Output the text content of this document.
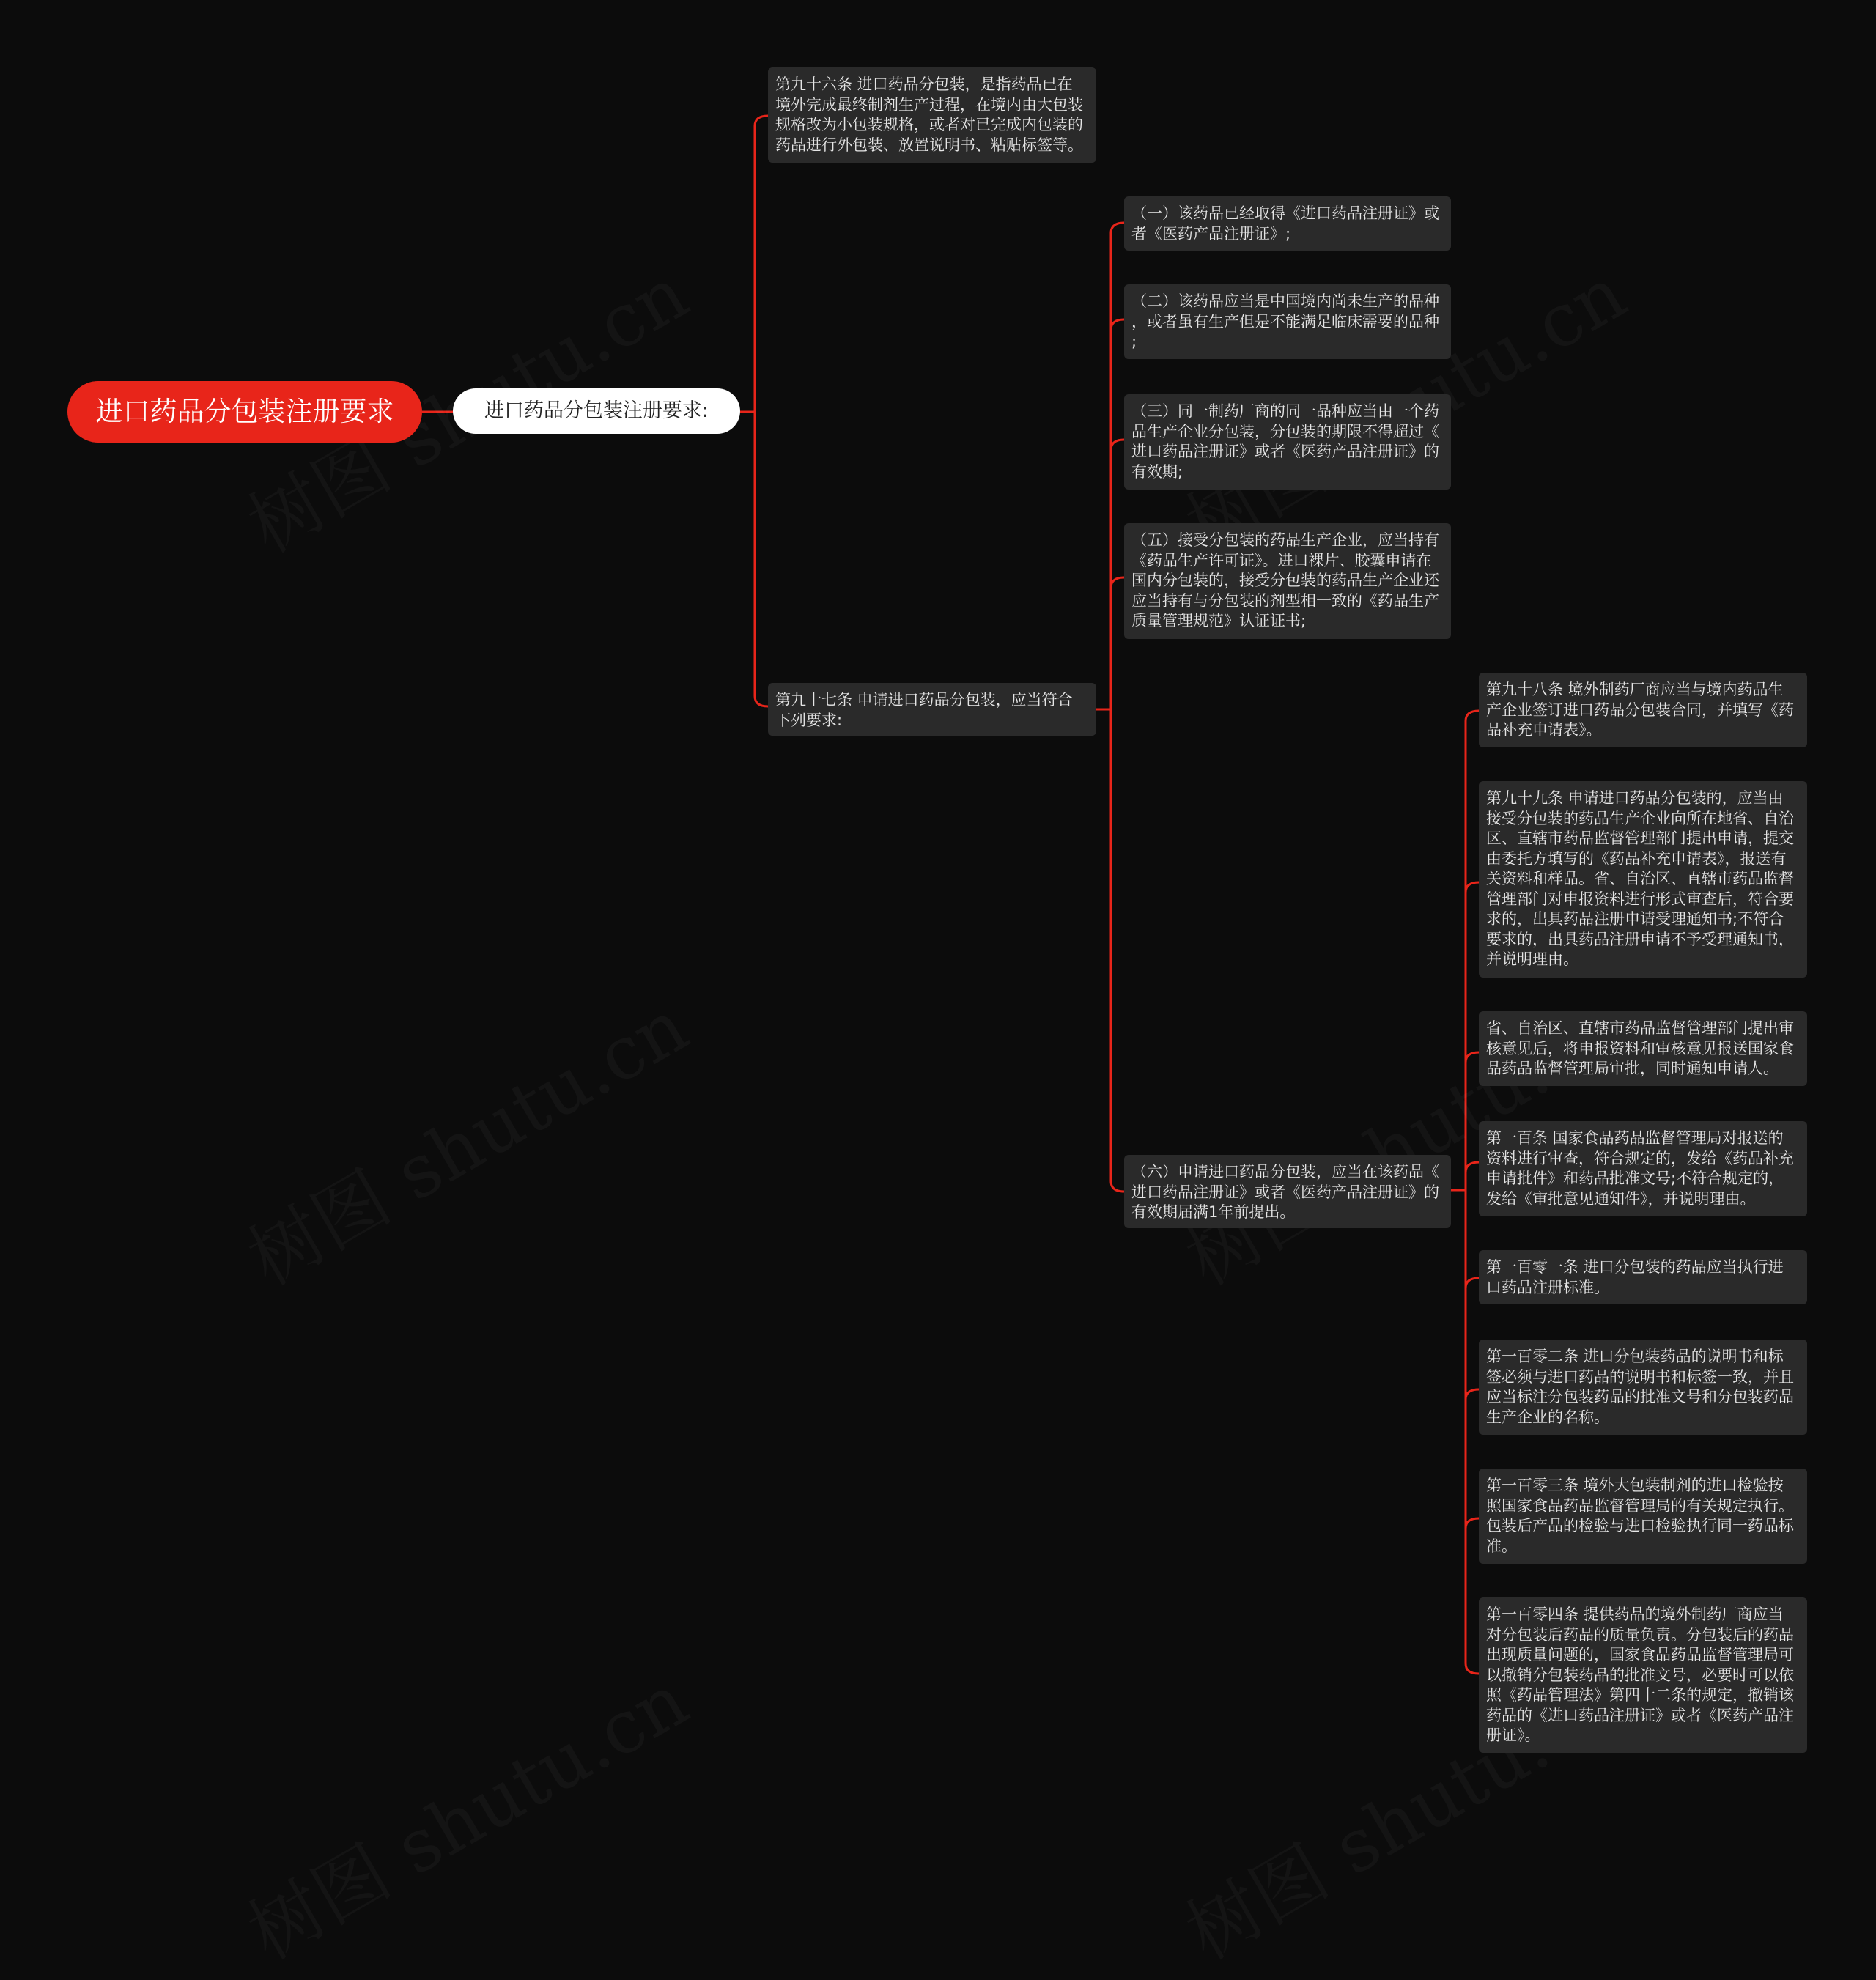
进口药品分包装注册要求	进口药品分包装注册要求:
第九十六条 进口药品分包装，是指药品已在
境外完成最终制剂生产过程，在境内由大包装
规格改为小包装规格，或者对已完成内包装的
药品进行外包装、放置说明书、粘贴标签等。
第九十七条 申请进口药品分包装，应当符合
下列要求:
（一）该药品已经取得《进口药品注册证》或
者《医药产品注册证》;
（二）该药品应当是中国境内尚未生产的品种
，或者虽有生产但是不能满足临床需要的品种
;
（三）同一制药厂商的同一品种应当由一个药
品生产企业分包装，分包装的期限不得超过《
进口药品注册证》或者《医药产品注册证》的
有效期;
（五）接受分包装的药品生产企业，应当持有
《药品生产许可证》。进口裸片、胶囊申请在
国内分包装的，接受分包装的药品生产企业还
应当持有与分包装的剂型相一致的《药品生产
质量管理规范》认证证书;
（六）申请进口药品分包装，应当在该药品《
进口药品注册证》或者《医药产品注册证》的
有效期届满1年前提出。
第九十八条 境外制药厂商应当与境内药品生
产企业签订进口药品分包装合同，并填写《药
品补充申请表》。
第九十九条 申请进口药品分包装的，应当由
接受分包装的药品生产企业向所在地省、自治
区、直辖市药品监督管理部门提出申请，提交
由委托方填写的《药品补充申请表》，报送有
关资料和样品。省、自治区、直辖市药品监督
管理部门对申报资料进行形式审查后，符合要
求的，出具药品注册申请受理通知书;不符合
要求的，出具药品注册申请不予受理通知书，
并说明理由。
省、自治区、直辖市药品监督管理部门提出审
核意见后，将申报资料和审核意见报送国家食
品药品监督管理局审批，同时通知申请人。
第一百条 国家食品药品监督管理局对报送的
资料进行审查，符合规定的，发给《药品补充
申请批件》和药品批准文号;不符合规定的，
发给《审批意见通知件》，并说明理由。
第一百零一条 进口分包装的药品应当执行进
口药品注册标准。
第一百零二条 进口分包装药品的说明书和标
签必须与进口药品的说明书和标签一致，并且
应当标注分包装药品的批准文号和分包装药品
生产企业的名称。
第一百零三条 境外大包装制剂的进口检验按
照国家食品药品监督管理局的有关规定执行。
包装后产品的检验与进口检验执行同一药品标
准。
第一百零四条 提供药品的境外制药厂商应当
对分包装后药品的质量负责。分包装后的药品
出现质量问题的，国家食品药品监督管理局可
以撤销分包装药品的批准文号，必要时可以依
照《药品管理法》第四十二条的规定，撤销该
药品的《进口药品注册证》或者《医药产品注
册证》。
